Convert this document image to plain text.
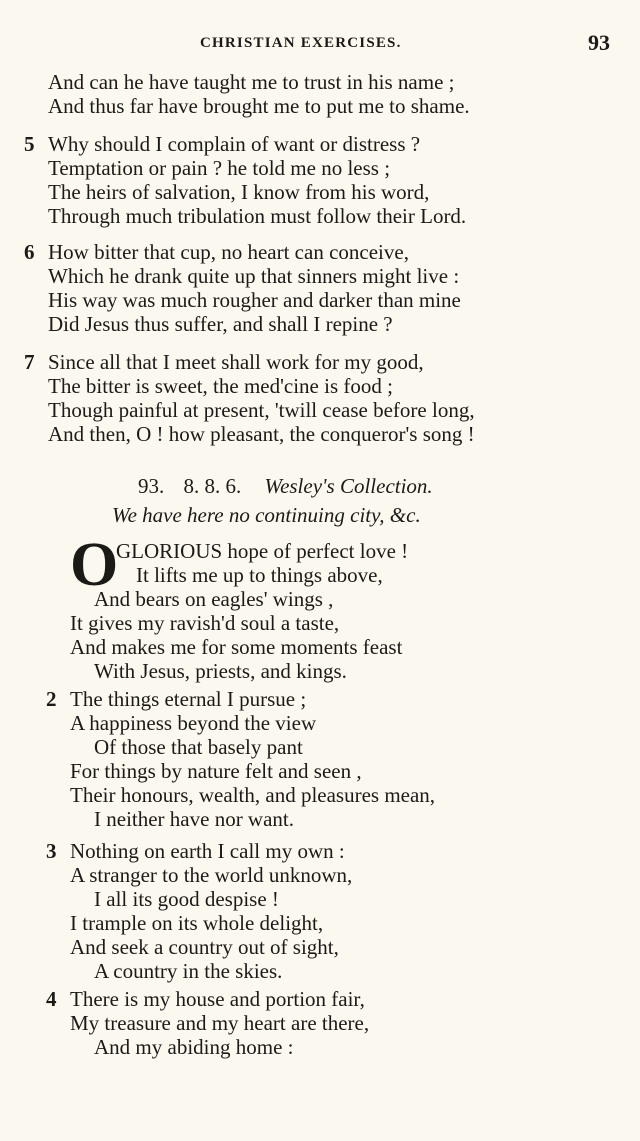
CHRISTIAN EXERCISES.	93
And can he have taught me to trust in his name ;
And thus far have brought me to put me to shame.
5 Why should I complain of want or distress ?
Temptation or pain ? he told me no less ;
The heirs of salvation, I know from his word,
Through much tribulation must follow their Lord.
6 How bitter that cup, no heart can conceive,
Which he drank quite up that sinners might live :
His way was much rougher and darker than mine
Did Jesus thus suffer, and shall I repine ?
7 Since all that I meet shall work for my good,
The bitter is sweet, the med'cine is food ;
Though painful at present, 'twill cease before long,
And then, O ! how pleasant, the conqueror's song !
93. 8. 8. 6. Wesley's Collection.
We have here no continuing city, &c.
O
GLORIOUS hope of perfect love !
It lifts me up to things above,
And bears on eagles' wings ,
It gives my ravish'd soul a taste,
And makes me for some moments feast
With Jesus, priests, and kings.
2 The things eternal I pursue ;
A happiness beyond the view
Of those that basely pant
For things by nature felt and seen ,
Their honours, wealth, and pleasures mean,
I neither have nor want.
3 Nothing on earth I call my own :
A stranger to the world unknown,
I all its good despise !
I trample on its whole delight,
And seek a country out of sight,
A country in the skies.
4 There is my house and portion fair,
My treasure and my heart are there,
And my abiding home :
